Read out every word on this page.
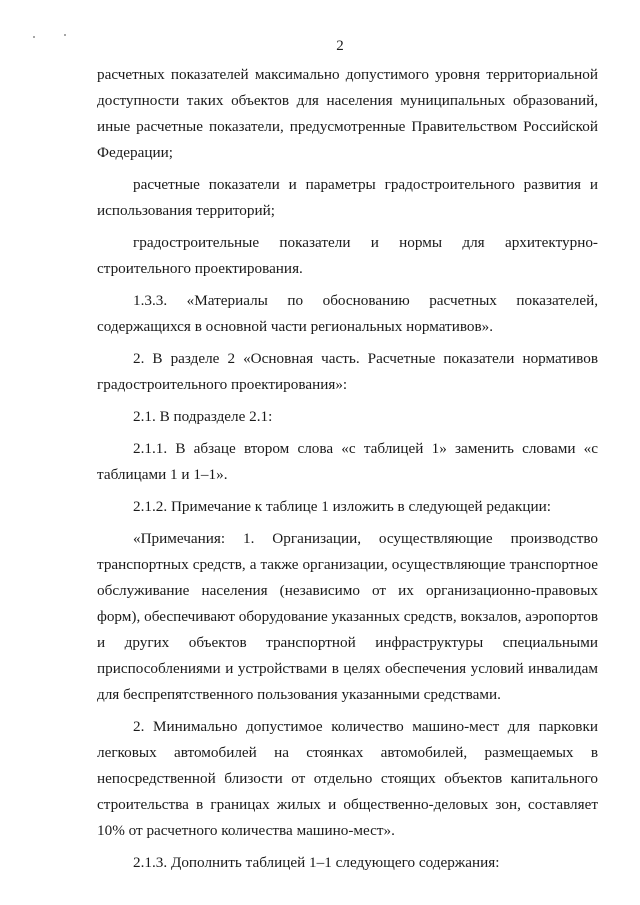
2

расчетных показателей максимально допустимого уровня территориальной доступности таких объектов для населения муниципальных образований, иные расчетные показатели, предусмотренные Правительством Российской Федерации;

расчетные показатели и параметры градостроительного развития и использования территорий;

градостроительные показатели и нормы для архитектурно-строительного проектирования.

1.3.3. «Материалы по обоснованию расчетных показателей, содержащихся в основной части региональных нормативов».

2. В разделе 2 «Основная часть. Расчетные показатели нормативов градостроительного проектирования»:

2.1. В подразделе 2.1:

2.1.1. В абзаце втором слова «с таблицей 1» заменить словами «с таблицами 1 и 1–1».

2.1.2. Примечание к таблице 1 изложить в следующей редакции:

«Примечания: 1. Организации, осуществляющие производство транспортных средств, а также организации, осуществляющие транспортное обслуживание населения (независимо от их организационно-правовых форм), обеспечивают оборудование указанных средств, вокзалов, аэропортов и других объектов транспортной инфраструктуры специальными приспособлениями и устройствами в целях обеспечения условий инвалидам для беспрепятственного пользования указанными средствами.

2. Минимально допустимое количество машино-мест для парковки легковых автомобилей на стоянках автомобилей, размещаемых в непосредственной близости от отдельно стоящих объектов капитального строительства в границах жилых и общественно-деловых зон, составляет 10% от расчетного количества машино-мест».

2.1.3. Дополнить таблицей 1–1 следующего содержания:
